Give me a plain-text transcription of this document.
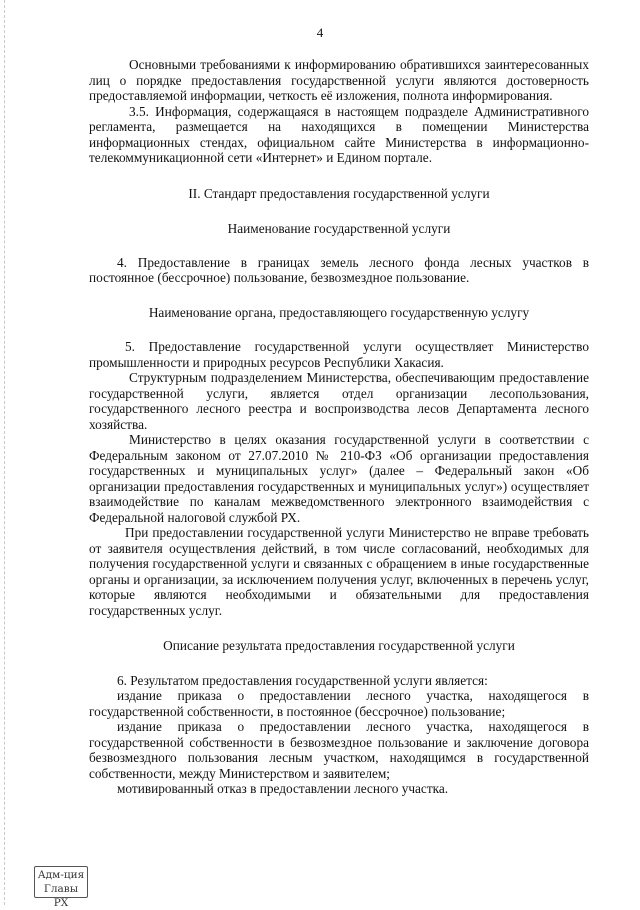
4

Основными требованиями к информированию обратившихся заинтересованных лиц о порядке предоставления государственной услуги являются достоверность предоставляемой информации, четкость её изложения, полнота информирования.

3.5. Информация, содержащаяся в настоящем подразделе Административного регламента, размещается на находящихся в помещении Министерства информационных стендах, официальном сайте Министерства в информационно-телекоммуникационной сети «Интернет» и Едином портале.

II. Стандарт предоставления государственной услуги

Наименование государственной услуги

4. Предоставление в границах земель лесного фонда лесных участков в постоянное (бессрочное) пользование, безвозмездное пользование.

Наименование органа, предоставляющего государственную услугу

5. Предоставление государственной услуги осуществляет Министерство промышленности и природных ресурсов Республики Хакасия.

Структурным подразделением Министерства, обеспечивающим предоставление государственной услуги, является отдел организации лесопользования, государственного лесного реестра и воспроизводства лесов Департамента лесного хозяйства.

Министерство в целях оказания государственной услуги в соответствии с Федеральным законом от 27.07.2010 № 210-ФЗ «Об организации предоставления государственных и муниципальных услуг» (далее – Федеральный закон «Об организации предоставления государственных и муниципальных услуг») осуществляет взаимодействие по каналам межведомственного электронного взаимодействия с Федеральной налоговой службой РХ.

При предоставлении государственной услуги Министерство не вправе требовать от заявителя осуществления действий, в том числе согласований, необходимых для получения государственной услуги и связанных с обращением в иные государственные органы и организации, за исключением получения услуг, включенных в перечень услуг, которые являются необходимыми и обязательными для предоставления государственных услуг.

Описание результата предоставления государственной услуги

6. Результатом предоставления государственной услуги является:

издание приказа о предоставлении лесного участка, находящегося в государственной собственности, в постоянное (бессрочное) пользование;

издание приказа о предоставлении лесного участка, находящегося в государственной собственности в безвозмездное пользование и заключение договора безвозмездного пользования лесным участком, находящимся в государственной собственности, между Министерством и заявителем;

мотивированный отказ в предоставлении лесного участка.

Адм-ция
Главы РХ
